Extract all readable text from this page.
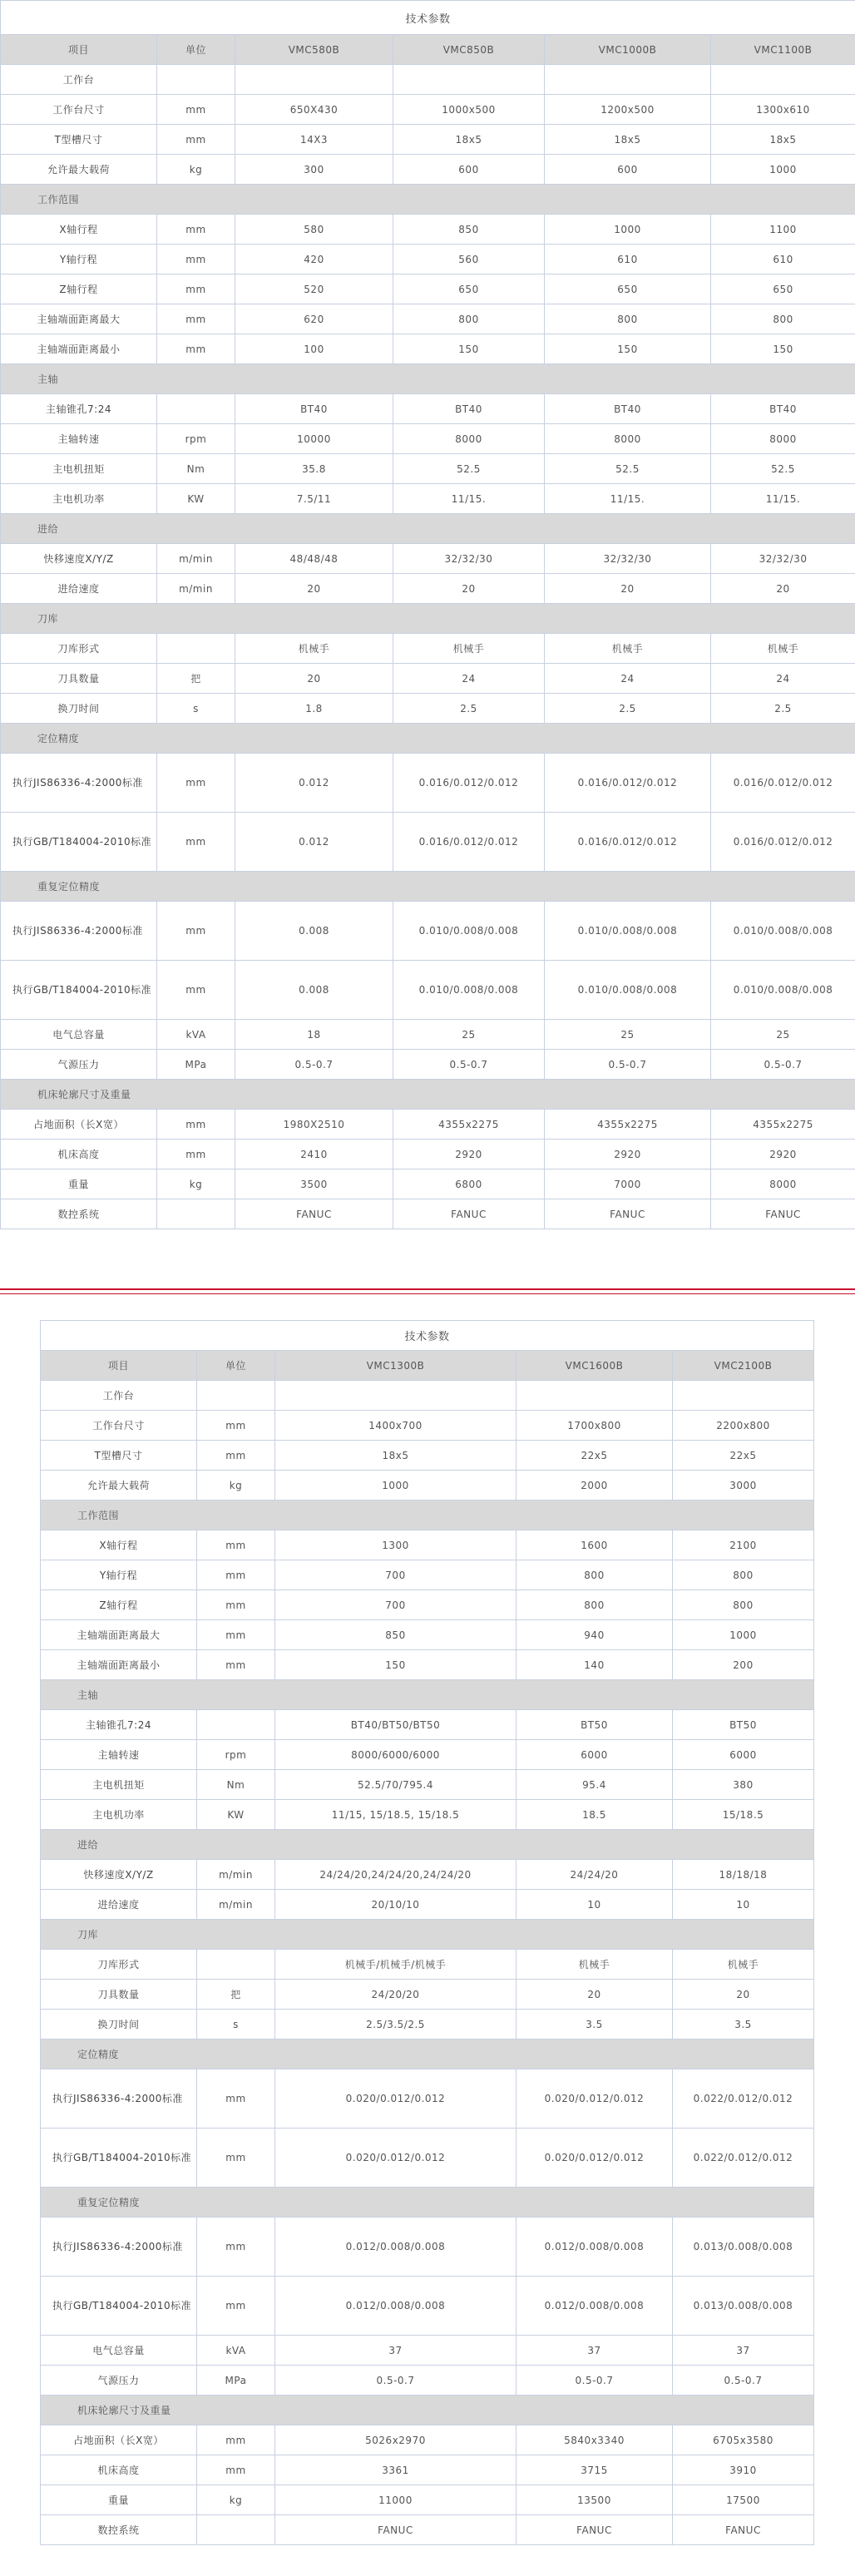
技术参数					
项目	单位	VMC580B	VMC850B	VMC1000B	VMC1100B
工作台					
工作台尺寸	mm	650X430	1000x500	1200x500	1300x610
T型槽尺寸	mm	14X3	18x5	18x5	18x5
允许最大载荷	kg	300	600	600	1000
工作范围					
X轴行程	mm	580	850	1000	1100
Y轴行程	mm	420	560	610	610
Z轴行程	mm	520	650	650	650
主轴端面距离最大	mm	620	800	800	800
主轴端面距离最小	mm	100	150	150	150
主轴					
主轴锥孔7:24		BT40	BT40	BT40	BT40
主轴转速	rpm	10000	8000	8000	8000
主电机扭矩	Nm	35.8	52.5	52.5	52.5
主电机功率	KW	7.5/11	11/15.	11/15.	11/15.
进给					
快移速度X/Y/Z	m/min	48/48/48	32/32/30	32/32/30	32/32/30
进给速度	m/min	20	20	20	20
刀库					
刀库形式		机械手	机械手	机械手	机械手
刀具数量	把	20	24	24	24
换刀时间	s	1.8	2.5	2.5	2.5
定位精度					
执行JIS86336-4:2000标准	mm	0.012	0.016/0.012/0.012	0.016/0.012/0.012	0.016/0.012/0.012
执行GB/T184004-2010标准	mm	0.012	0.016/0.012/0.012	0.016/0.012/0.012	0.016/0.012/0.012
重复定位精度					
执行JIS86336-4:2000标准	mm	0.008	0.010/0.008/0.008	0.010/0.008/0.008	0.010/0.008/0.008
执行GB/T184004-2010标准	mm	0.008	0.010/0.008/0.008	0.010/0.008/0.008	0.010/0.008/0.008
电气总容量	kVA	18	25	25	25
气源压力	MPa	0.5-0.7	0.5-0.7	0.5-0.7	0.5-0.7
机床轮廓尺寸及重量					
占地面积（长X宽）	mm	1980X2510	4355x2275	4355x2275	4355x2275
机床高度	mm	2410	2920	2920	2920
重量	kg	3500	6800	7000	8000
数控系统		FANUC	FANUC	FANUC	FANUC
技术参数				
项目	单位	VMC1300B	VMC1600B	VMC2100B
工作台				
工作台尺寸	mm	1400x700	1700x800	2200x800
T型槽尺寸	mm	18x5	22x5	22x5
允许最大载荷	kg	1000	2000	3000
工作范围				
X轴行程	mm	1300	1600	2100
Y轴行程	mm	700	800	800
Z轴行程	mm	700	800	800
主轴端面距离最大	mm	850	940	1000
主轴端面距离最小	mm	150	140	200
主轴				
主轴锥孔7:24		BT40/BT50/BT50	BT50	BT50
主轴转速	rpm	8000/6000/6000	6000	6000
主电机扭矩	Nm	52.5/70/795.4	95.4	380
主电机功率	KW	11/15, 15/18.5, 15/18.5	18.5	15/18.5
进给				
快移速度X/Y/Z	m/min	24/24/20,24/24/20,24/24/20	24/24/20	18/18/18
进给速度	m/min	20/10/10	10	10
刀库				
刀库形式		机械手/机械手/机械手	机械手	机械手
刀具数量	把	24/20/20	20	20
换刀时间	s	2.5/3.5/2.5	3.5	3.5
定位精度				
执行JIS86336-4:2000标准	mm	0.020/0.012/0.012	0.020/0.012/0.012	0.022/0.012/0.012
执行GB/T184004-2010标准	mm	0.020/0.012/0.012	0.020/0.012/0.012	0.022/0.012/0.012
重复定位精度				
执行JIS86336-4:2000标准	mm	0.012/0.008/0.008	0.012/0.008/0.008	0.013/0.008/0.008
执行GB/T184004-2010标准	mm	0.012/0.008/0.008	0.012/0.008/0.008	0.013/0.008/0.008
电气总容量	kVA	37	37	37
气源压力	MPa	0.5-0.7	0.5-0.7	0.5-0.7
机床轮廓尺寸及重量				
占地面积（长X宽）	mm	5026x2970	5840x3340	6705x3580
机床高度	mm	3361	3715	3910
重量	kg	11000	13500	17500
数控系统		FANUC	FANUC	FANUC
